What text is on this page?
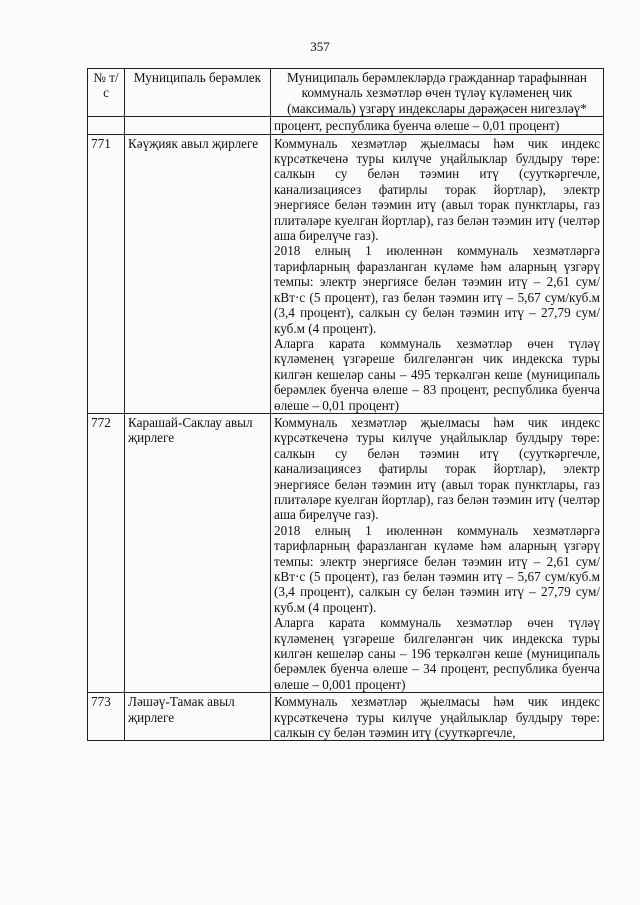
357
№ т/с	Муниципаль берәмлек	Муниципаль берәмлекләрдә гражданнар тарафыннан коммуналь хезмәтләр өчен түләү күләменең чик (максималь) үзгәрү индекслары дәрәҗәсен нигезләү*

		процент, республика буенча өлеше – 0,01 процент)

771	Кәүҗияк авыл җирлеге	Коммуналь хезмәтләр җыелмасы һәм чик индекс күрсәткеченә туры килүче уңайлыклар булдыру төре: салкын су белән тәэмин итү (сууткәргечле, канализациясез фатирлы торак йортлар), электр энергиясе белән тәэмин итү (авыл торак пунктлары, газ плитәләре куелган йортлар), газ белән тәэмин итү (челтәр аша бирелүче газ).

2018 елның 1 июленнән коммуналь хезмәтләргә тарифларның фаразланган күләме һәм аларның үзгәрү темпы: электр энергиясе белән тәэмин итү – 2,61 сум/кВт·с (5 процент), газ белән тәэмин итү – 5,67 сум/куб.м (3,4 процент), салкын су белән тәэмин итү – 27,79 сум/куб.м (4 процент).

Аларга карата коммуналь хезмәтләр өчен түләү күләменең үзгәреше билгеләнгән чик индекска туры килгән кешеләр саны – 495 теркәлгән кеше (муниципаль берәмлек буенча өлеше – 83 процент, республика буенча өлеше – 0,01 процент)

772	Карашай-Саклау авыл җирлеге	Коммуналь хезмәтләр җыелмасы һәм чик индекс күрсәткеченә туры килүче уңайлыклар булдыру төре: салкын су белән тәэмин итү (сууткәргечле, канализациясез фатирлы торак йортлар), электр энергиясе белән тәэмин итү (авыл торак пунктлары, газ плитәләре куелган йортлар), газ белән тәэмин итү (челтәр аша бирелүче газ).

2018 елның 1 июленнән коммуналь хезмәтләргә тарифларның фаразланган күләме һәм аларның үзгәрү темпы: электр энергиясе белән тәэмин итү – 2,61 сум/кВт·с (5 процент), газ белән тәэмин итү – 5,67 сум/куб.м (3,4 процент), салкын су белән тәэмин итү – 27,79 сум/куб.м (4 процент).

Аларга карата коммуналь хезмәтләр өчен түләү күләменең үзгәреше билгеләнгән чик индекска туры килгән кешеләр саны – 196 теркәлгән кеше (муниципаль берәмлек буенча өлеше – 34 процент, республика буенча өлеше – 0,001 процент)

773	Ләшәү-Тамак авыл җирлеге	Коммуналь хезмәтләр җыелмасы һәм чик индекс күрсәткеченә туры килүче уңайлыклар булдыру төре: салкын су белән тәэмин итү (сууткәргечле,
